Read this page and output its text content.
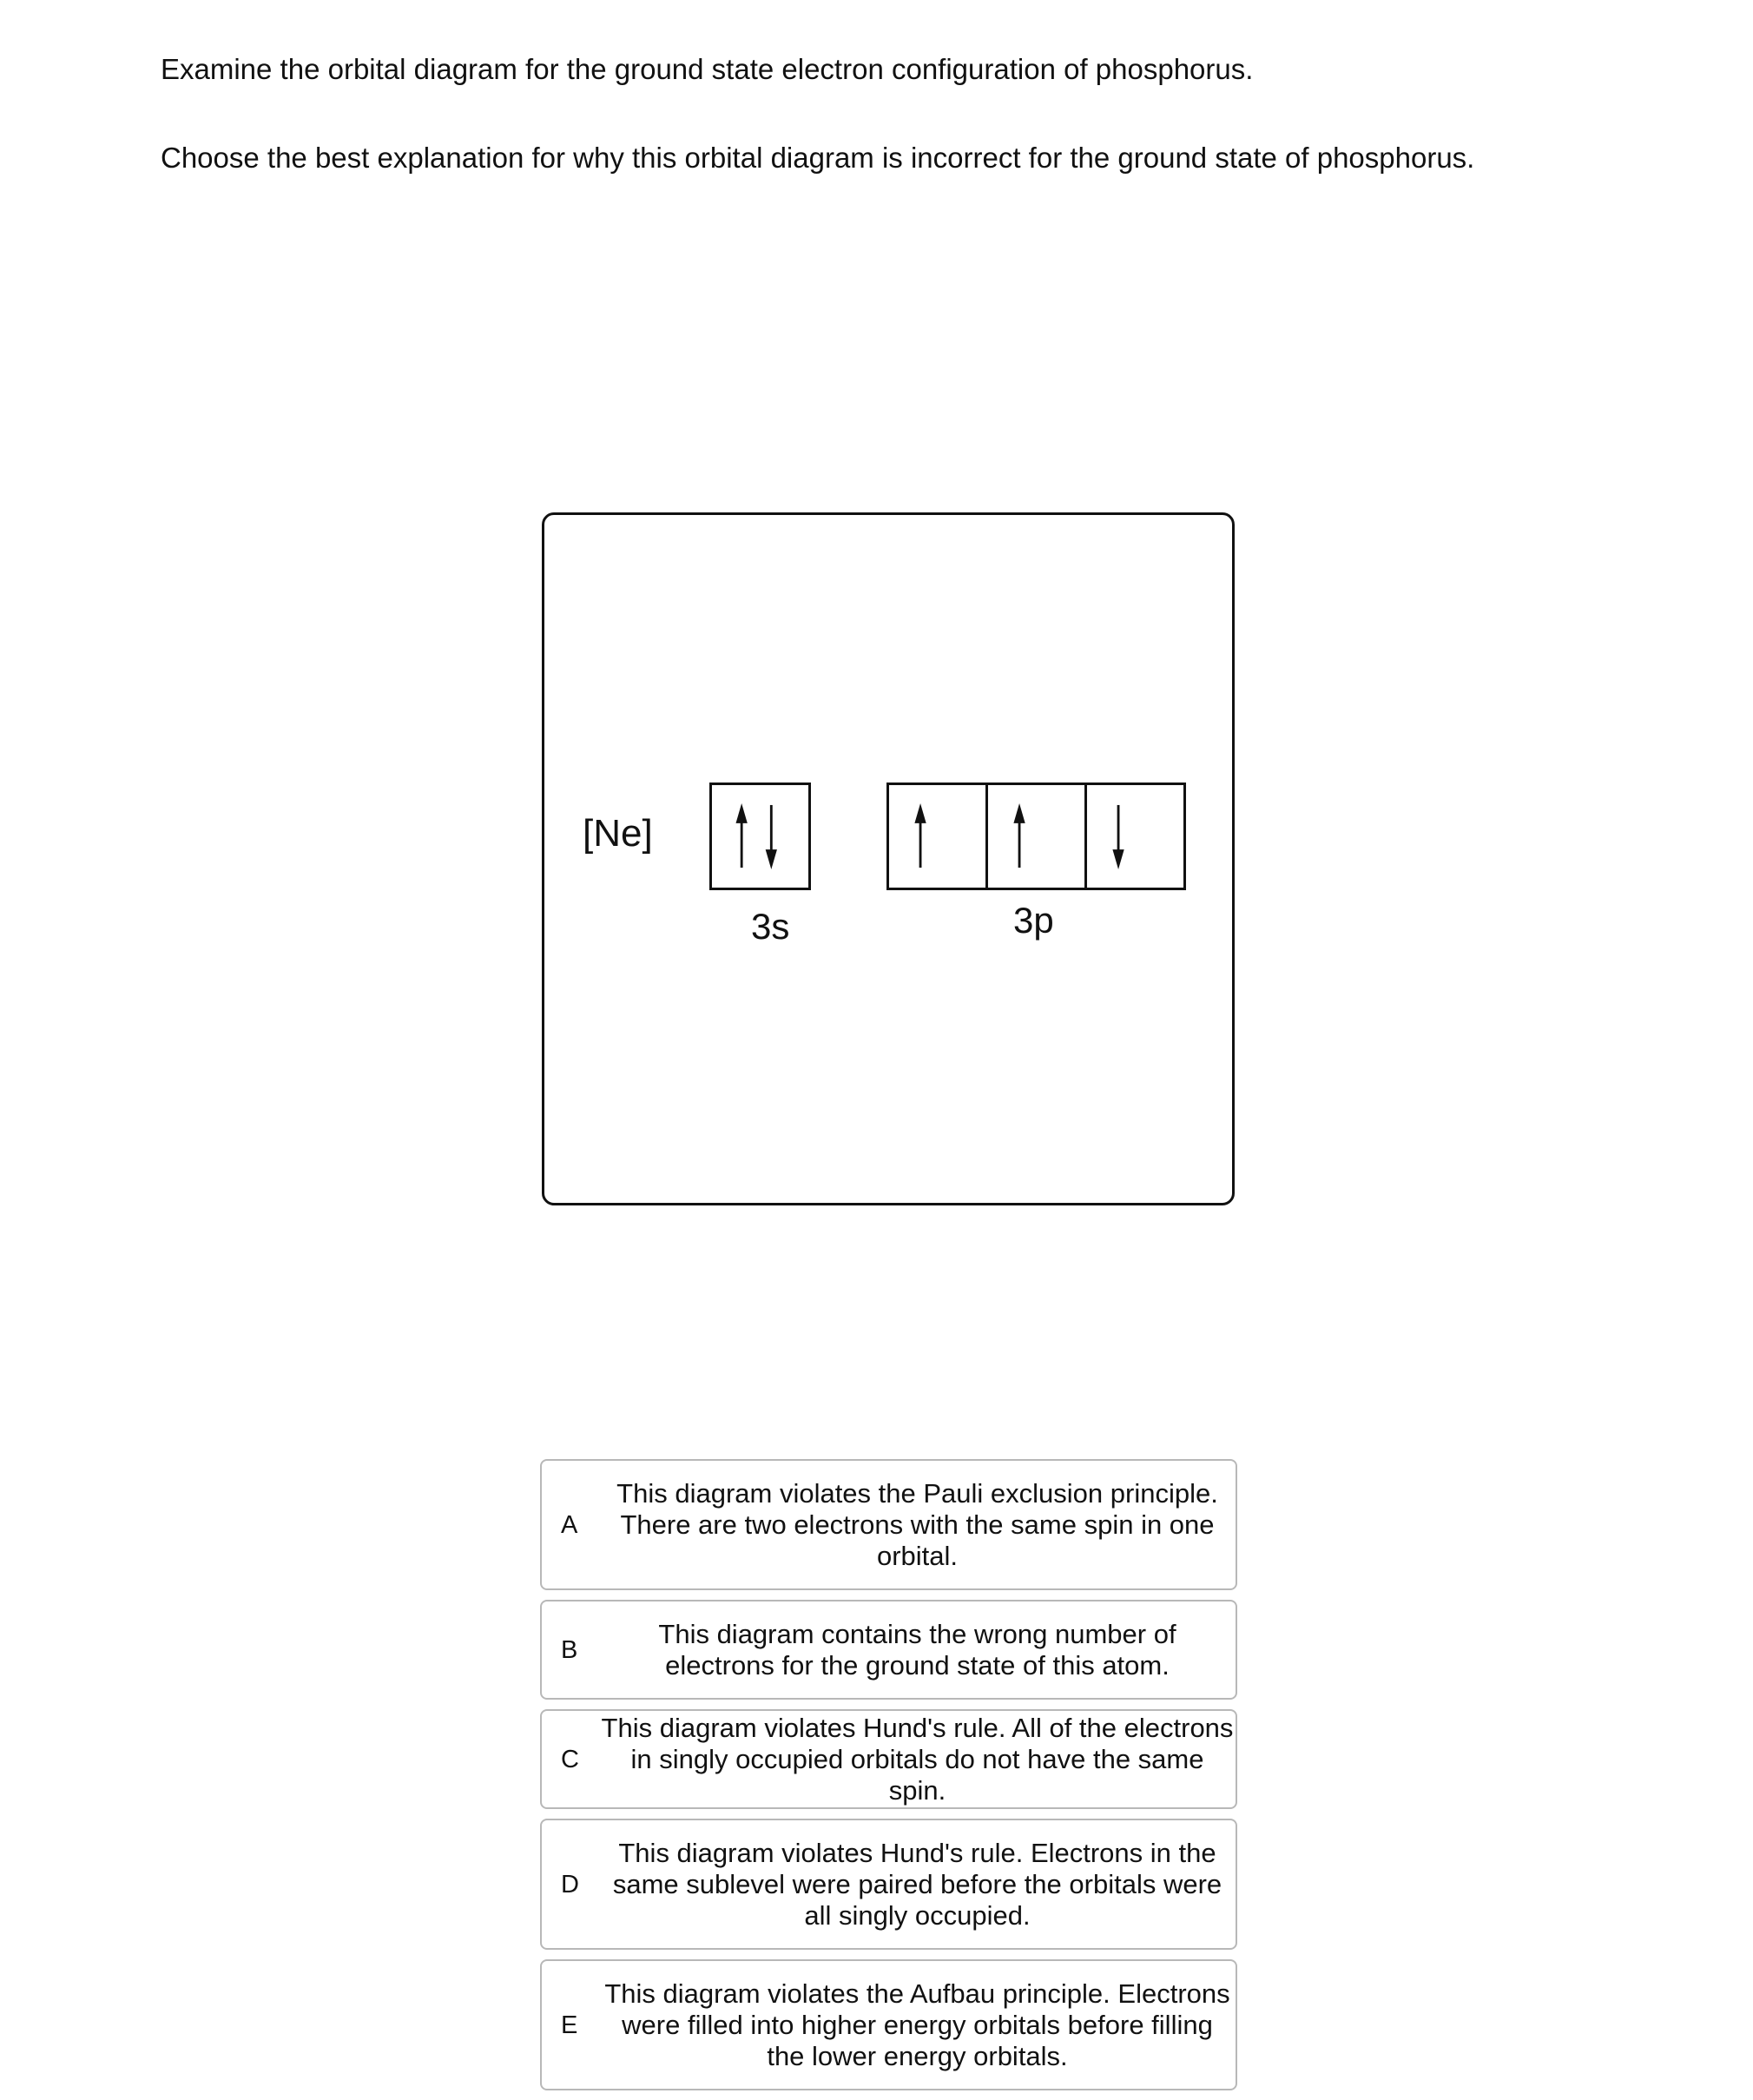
Examine the orbital diagram for the ground state electron configuration of phosphorus.
Choose the best explanation for why this orbital diagram is incorrect for the ground state of phosphorus.
[Ne]
3s	3p
A
This diagram violates the Pauli exclusion principle. There are two electrons with the same spin in one orbital.
B
This diagram contains the wrong number of electrons for the ground state of this atom.
C
This diagram violates Hund's rule. All of the electrons in singly occupied orbitals do not have the same spin.
D
This diagram violates Hund's rule. Electrons in the same sublevel were paired before the orbitals were all singly occupied.
E
This diagram violates the Aufbau principle. Electrons were filled into higher energy orbitals before filling the lower energy orbitals.
